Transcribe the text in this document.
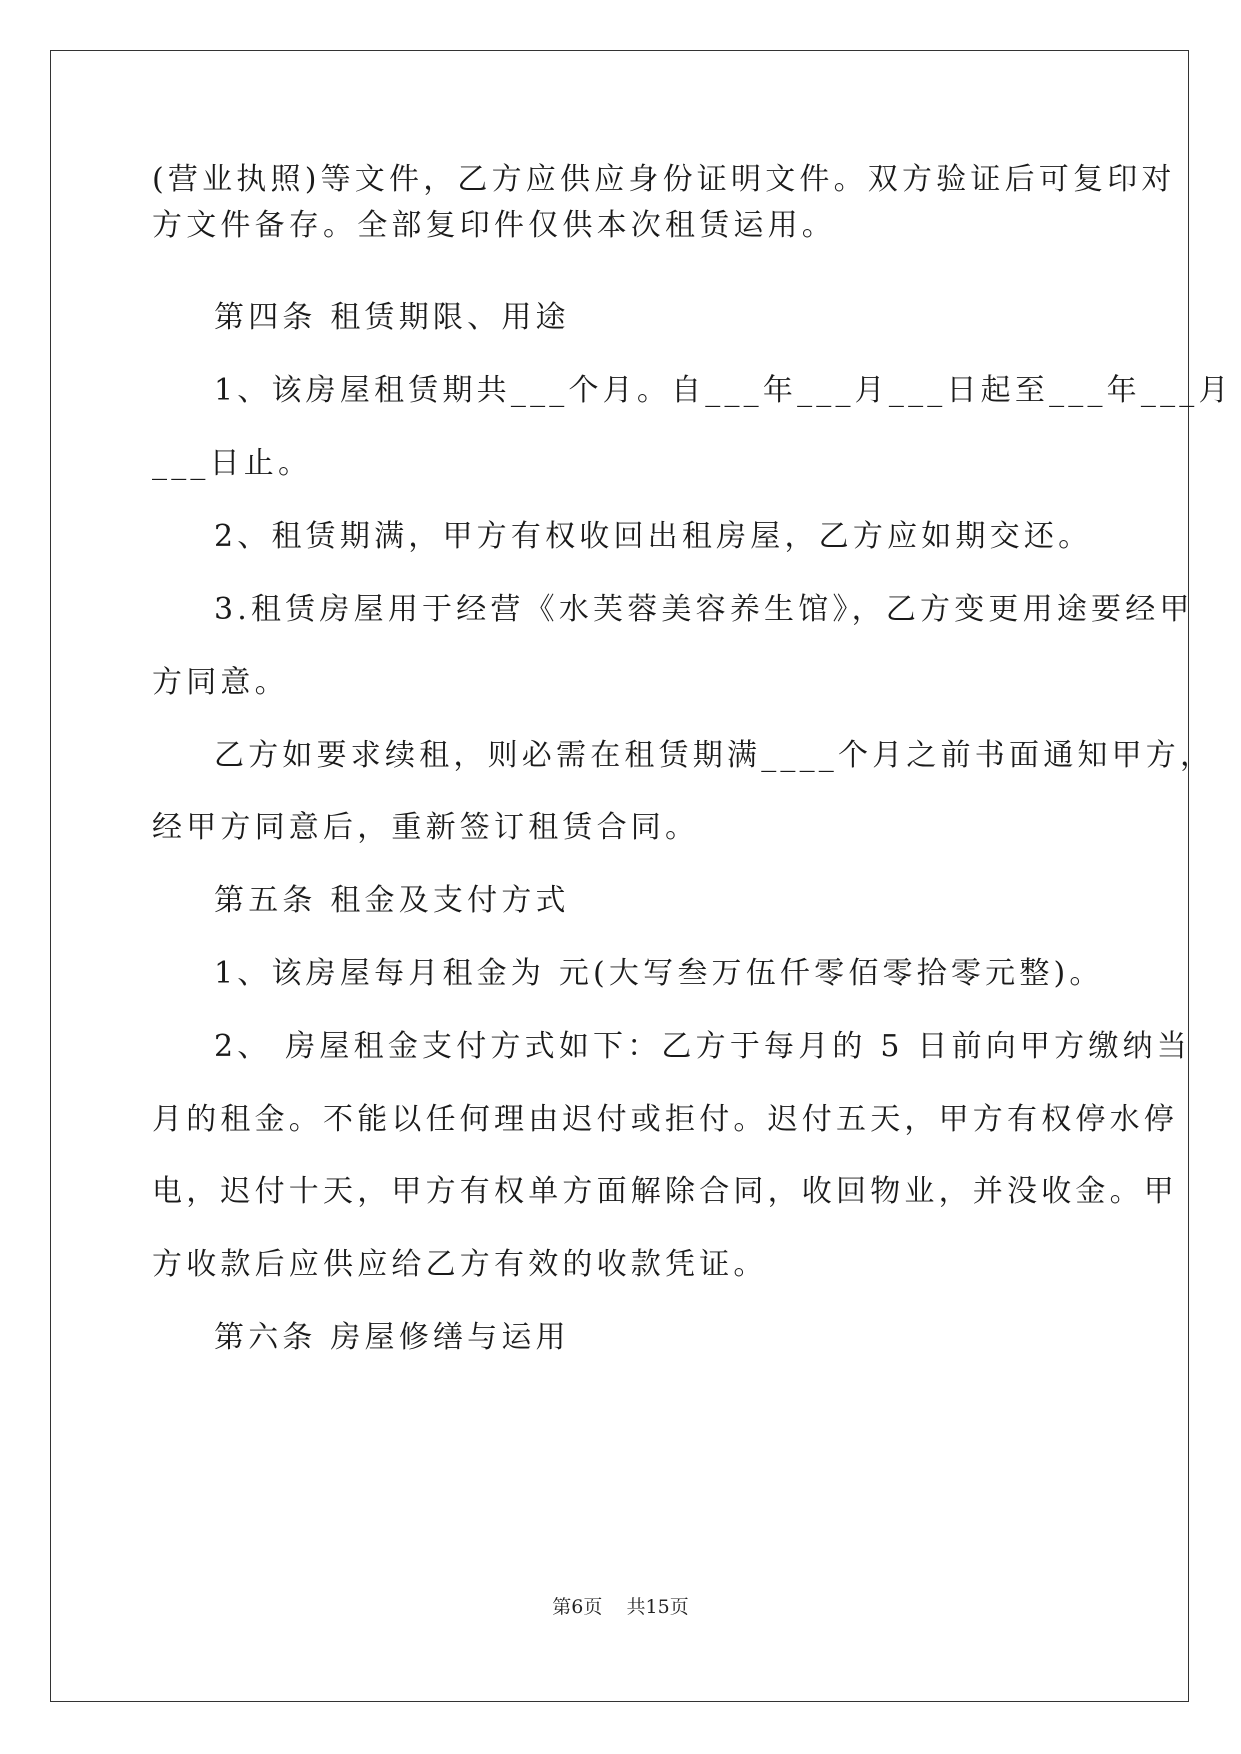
(营业执照)等文件，乙方应供应身份证明文件。双方验证后可复印对
方文件备存。全部复印件仅供本次租赁运用。
第四条 租赁期限、用途
1、该房屋租赁期共___个月。自___年___月___日起至___年___月
___日止。
2、租赁期满，甲方有权收回出租房屋，乙方应如期交还。
3.租赁房屋用于经营《水芙蓉美容养生馆》，乙方变更用途要经甲
方同意。
乙方如要求续租，则必需在租赁期满____个月之前书面通知甲方，
经甲方同意后，重新签订租赁合同。
第五条 租金及支付方式
1、该房屋每月租金为 元(大写叁万伍仟零佰零拾零元整)。
2、 房屋租金支付方式如下：乙方于每月的 5 日前向甲方缴纳当
月的租金。不能以任何理由迟付或拒付。迟付五天，甲方有权停水停
电，迟付十天，甲方有权单方面解除合同，收回物业，并没收金。甲
方收款后应供应给乙方有效的收款凭证。
第六条 房屋修缮与运用
第6页 共15页
